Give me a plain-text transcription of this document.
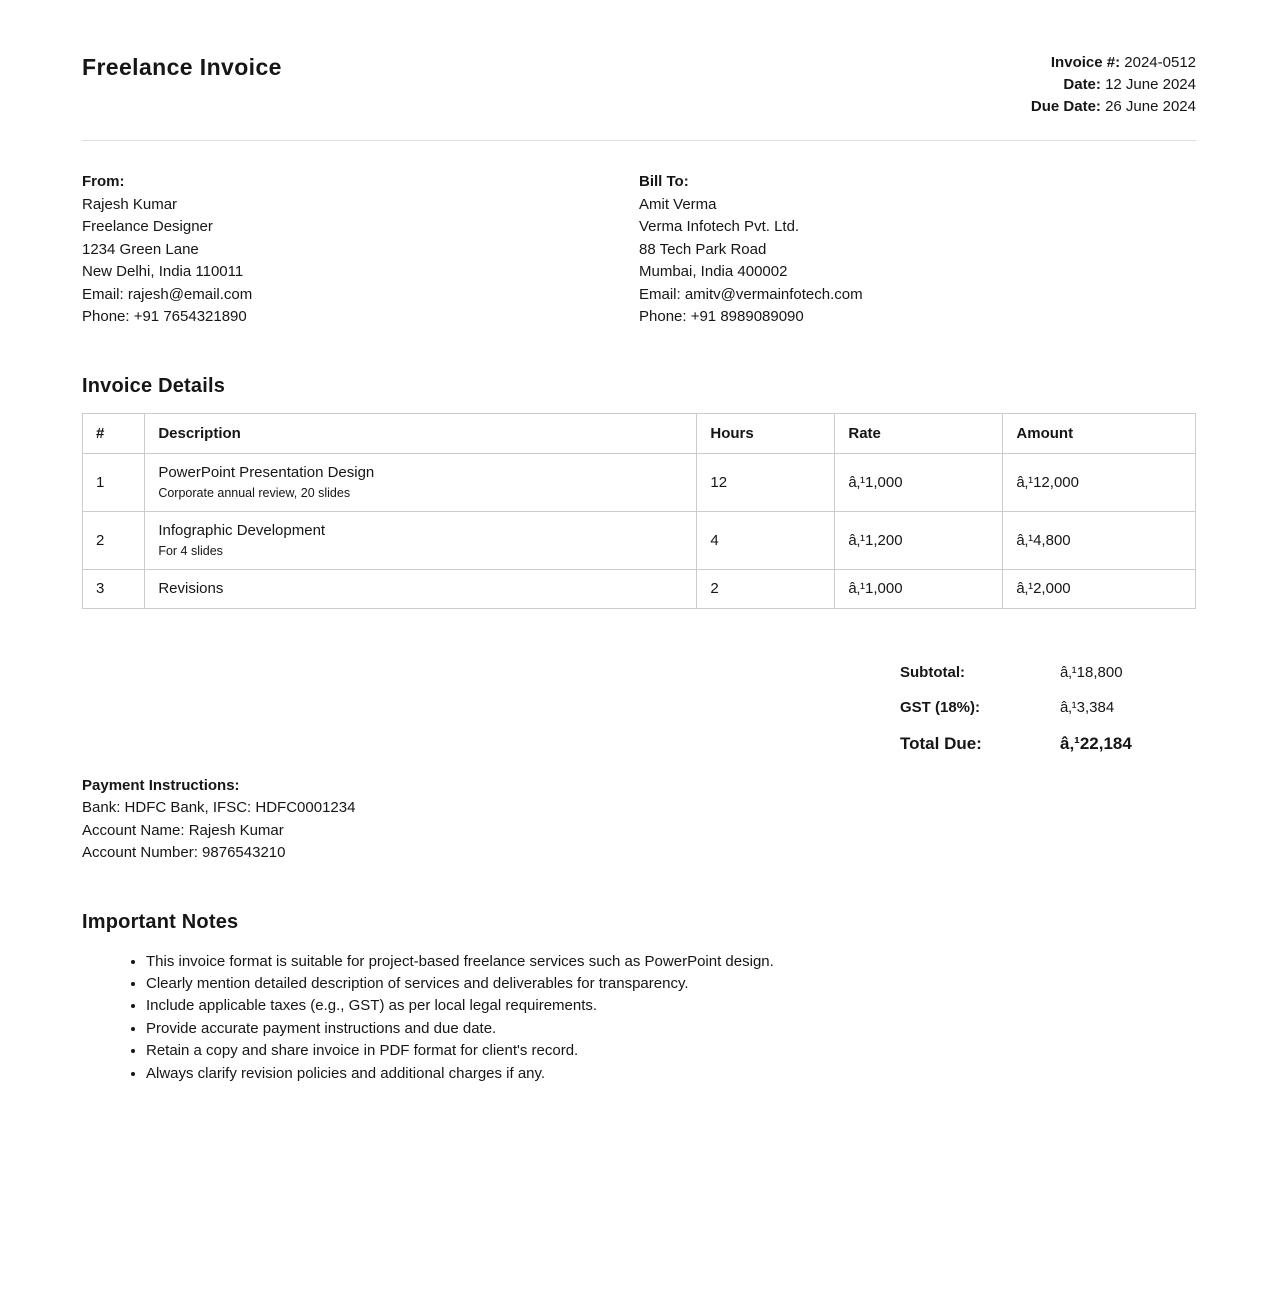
Freelance Invoice	Invoice #: 2024-0512
Date: 12 June 2024
Due Date: 26 June 2024

From:

Rajesh Kumar

Freelance Designer

1234 Green Lane

New Delhi, India 110011

Email: rajesh@email.com

Phone: +91 7654321890

Bill To:

Amit Verma

Verma Infotech Pvt. Ltd.

88 Tech Park Road

Mumbai, India 400002

Email: amitv@vermainfotech.com

Phone: +91 8989089090

Invoice Details
#	Description	Hours	Rate	Amount
1	PowerPoint Presentation Design
Corporate annual review, 20 slides	12	â‚¹1,000	â‚¹12,000
2	Infographic Development
For 4 slides	4	â‚¹1,200	â‚¹4,800
3	Revisions	2	â‚¹1,000	â‚¹2,000
Subtotal:	â‚¹18,800
GST (18%):	â‚¹3,384
Total Due:	â‚¹22,184

Payment Instructions:

Bank: HDFC Bank, IFSC: HDFC0001234

Account Name: Rajesh Kumar

Account Number: 9876543210

Important Notes
• This invoice format is suitable for project-based freelance services such as PowerPoint design.
• Clearly mention detailed description of services and deliverables for transparency.
• Include applicable taxes (e.g., GST) as per local legal requirements.
• Provide accurate payment instructions and due date.
• Retain a copy and share invoice in PDF format for client's record.
• Always clarify revision policies and additional charges if any.
